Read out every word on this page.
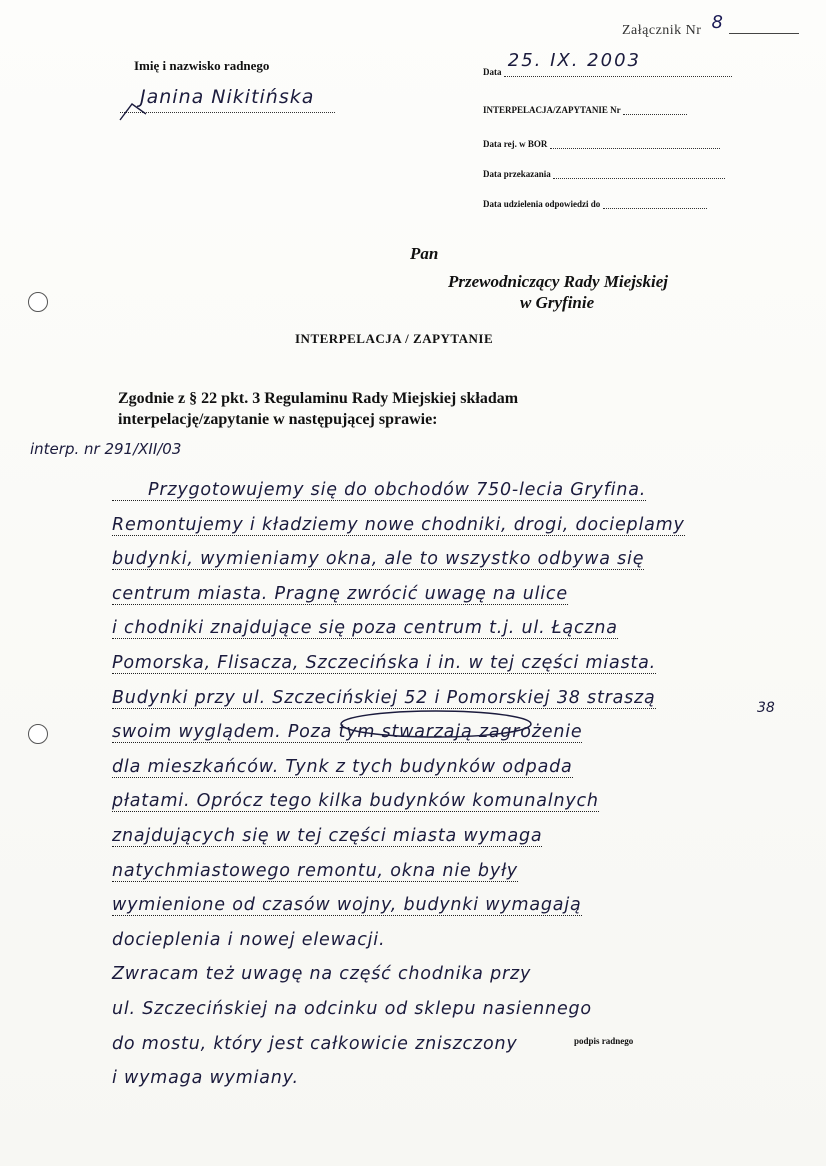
Załącznik Nr 8
Imię i nazwisko radnego
Janina Nikitińska
Data
25. IX. 2003
INTERPELACJA/ZAPYTANIE Nr
Data rej. w BOR
Data przekazania
Data udzielenia odpowiedzi do
Pan
Przewodniczący Rady Miejskiej
w Gryfinie
INTERPELACJA / ZAPYTANIE
Zgodnie z § 22 pkt. 3 Regulaminu Rady Miejskiej składam
interpelację/zapytanie w następującej sprawie:
interp. nr 291/XII/03
Przygotowujemy się do obchodów 750-lecia Gryfina.
Remontujemy i kładziemy nowe chodniki, drogi, docieplamy
budynki, wymieniamy okna, ale to wszystko odbywa się
centrum miasta. Pragnę zwrócić uwagę na ulice
i chodniki znajdujące się poza centrum t.j. ul. Łączna
Pomorska, Flisacza, Szczecińska i in. w tej części miasta.
Budynki przy ul. Szczecińskiej 52 i Pomorskiej 38 straszą
swoim wyglądem. Poza tym stwarzają zagrożenie
dla mieszkańców. Tynk z tych budynków odpada
płatami. Oprócz tego kilka budynków komunalnych
znajdujących się w tej części miasta wymaga
natychmiastowego remontu, okna nie były
wymienione od czasów wojny, budynki wymagają
docieplenia i nowej elewacji.
Zwracam też uwagę na część chodnika przy
ul. Szczecińskiej na odcinku od sklepu nasiennego
do mostu, który jest całkowicie zniszczony
i wymaga wymiany.
38
podpis radnego
